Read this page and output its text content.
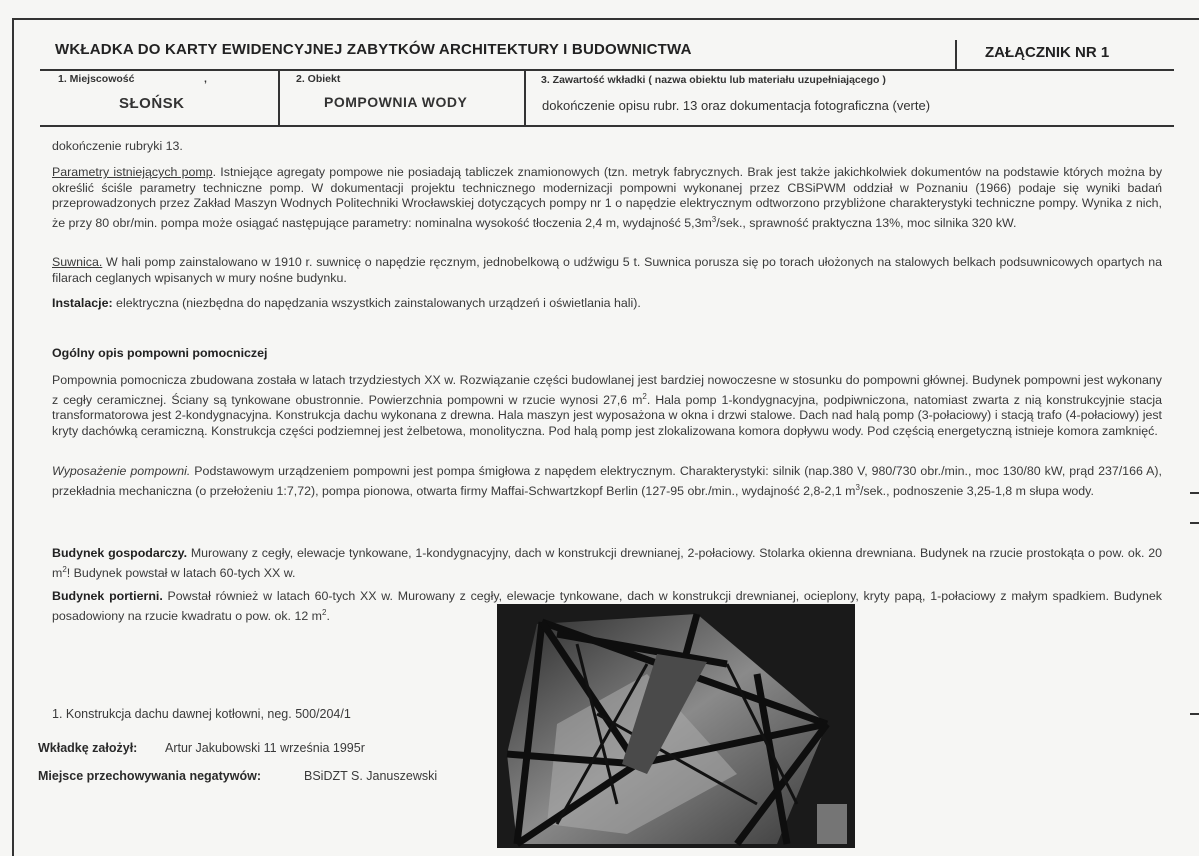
WKŁADKA DO KARTY EWIDENCYJNEJ ZABYTKÓW ARCHITEKTURY I BUDOWNICTWA	ZAŁĄCZNIK NR 1
1. Miejscowość	,
SŁOŃSK
2. Obiekt
POMPOWNIA WODY
3. Zawartość wkładki ( nazwa obiektu lub materiału uzupełniającego )
dokończenie opisu rubr. 13 oraz dokumentacja fotograficzna (verte)
dokończenie rubryki 13.

Parametry istniejących pomp. Istniejące agregaty pompowe nie posiadają tabliczek znamionowych (tzn. metryk fabrycznych. Brak jest także jakichkolwiek dokumentów na podstawie których można by określić ściśle parametry techniczne pomp. W dokumentacji projektu technicznego modernizacji pompowni wykonanej przez CBSiPWM oddział w Poznaniu (1966) podaje się wyniki badań przeprowadzonych przez Zakład Maszyn Wodnych Politechniki Wrocławskiej dotyczących pompy nr 1 o napędzie elektrycznym odtworzono przybliżone charakterystyki techniczne pompy. Wynika z nich, że przy 80 obr/min. pompa może osiągać następujące parametry: nominalna wysokość tłoczenia 2,4 m, wydajność $5,3m^3$/sek., sprawność praktyczna 13%, moc silnika 320 kW.

Suwnica. W hali pomp zainstalowano w 1910 r. suwnicę o napędzie ręcznym, jednobelkową o udźwigu 5 t. Suwnica porusza się po torach ułożonych na stalowych belkach podsuwnicowych opartych na filarach ceglanych wpisanych w mury nośne budynku.

Instalacje: elektryczna (niezbędna do napędzania wszystkich zainstalowanych urządzeń i oświetlania hali).

Ogólny opis pompowni pomocniczej

Pompownia pomocnicza zbudowana została w latach trzydziestych XX w. Rozwiązanie części budowlanej jest bardziej nowoczesne w stosunku do pompowni głównej. Budynek pompowni jest wykonany z cegły ceramicznej. Ściany są tynkowane obustronnie. Powierzchnia pompowni w rzucie wynosi 27,6 $m^2$. Hala pomp 1-kondygnacyjna, podpiwniczona, natomiast zwarta z nią konstrukcyjnie stacja transformatorowa jest 2-kondygnacyjna. Konstrukcja dachu wykonana z drewna. Hala maszyn jest wyposażona w okna i drzwi stalowe. Dach nad halą pomp (3-połaciowy) i stacją trafo (4-połaciowy) jest kryty dachówką ceramiczną. Konstrukcja części podziemnej jest żelbetowa, monolityczna. Pod halą pomp jest zlokalizowana komora dopływu wody. Pod częścią energetyczną istnieje komora zamknięć.

Wyposażenie pompowni. Podstawowym urządzeniem pompowni jest pompa śmigłowa z napędem elektrycznym. Charakterystyki: silnik (nap.380 V, 980/730 obr./min., moc 130/80 kW, prąd 237/166 A), przekładnia mechaniczna (o przełożeniu 1:7,72), pompa pionowa, otwarta firmy Maffai-Schwartzkopf Berlin (127-95 obr./min., wydajność 2,8-2,1 $m^3$/sek., podnoszenie 3,25-1,8 m słupa wody.

Budynek gospodarczy. Murowany z cegły, elewacje tynkowane, 1-kondygnacyjny, dach w konstrukcji drewnianej, 2-połaciowy. Stolarka okienna drewniana. Budynek na rzucie prostokąta o pow. ok. 20 $m^2$! Budynek powstał w latach 60-tych XX w.

Budynek portierni. Powstał również w latach 60-tych XX w. Murowany z cegły, elewacje tynkowane, dach w konstrukcji drewnianej, ocieplony, kryty papą, 1-połaciowy z małym spadkiem. Budynek posadowiony na rzucie kwadratu o pow. ok. 12 $m^2$.

1. Konstrukcja dachu dawnej kotłowni, neg. 500/204/1
Wkładkę założył: Artur Jakubowski 11 września 1995r
Miejsce przechowywania negatywów:	BSiDZT S. Januszewski
